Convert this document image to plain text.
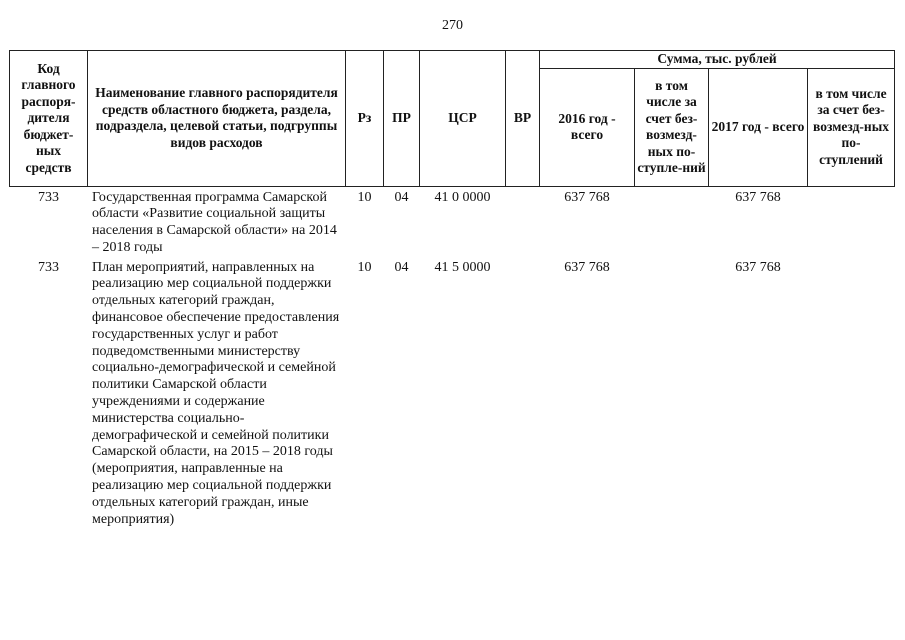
270
Код главного распоря-дителя бюджет-ных средств	Наименование главного распорядителя средств областного бюджета, раздела, подраздела, целевой статьи, подгруппы видов расходов	Рз	ПР	ЦСР	ВР	Сумма, тыс. рублей			
						2016 год - всего	в том числе за счет без-возмезд-ных по-ступле-ний	2017 год - всего	в том числе за счет без-возмезд-ных по-ступлений
733	Государственная программа Самарской области «Развитие социальной защиты населения в Самарской области» на 2014 – 2018 годы	10	04	41 0 0000		637 768		637 768	
733	План мероприятий, направленных на реализацию мер социальной поддержки отдельных категорий граждан, финансовое обеспечение предоставления государственных услуг и работ подведомственными министерству социально-демографической и семейной политики Самарской области учреждениями и содержание министерства социально-демографической и семейной политики Самарской области, на 2015 – 2018 годы (мероприятия, направленные на реализацию мер социальной поддержки отдельных категорий граждан, иные мероприятия)	10	04	41 5 0000		637 768		637 768	
